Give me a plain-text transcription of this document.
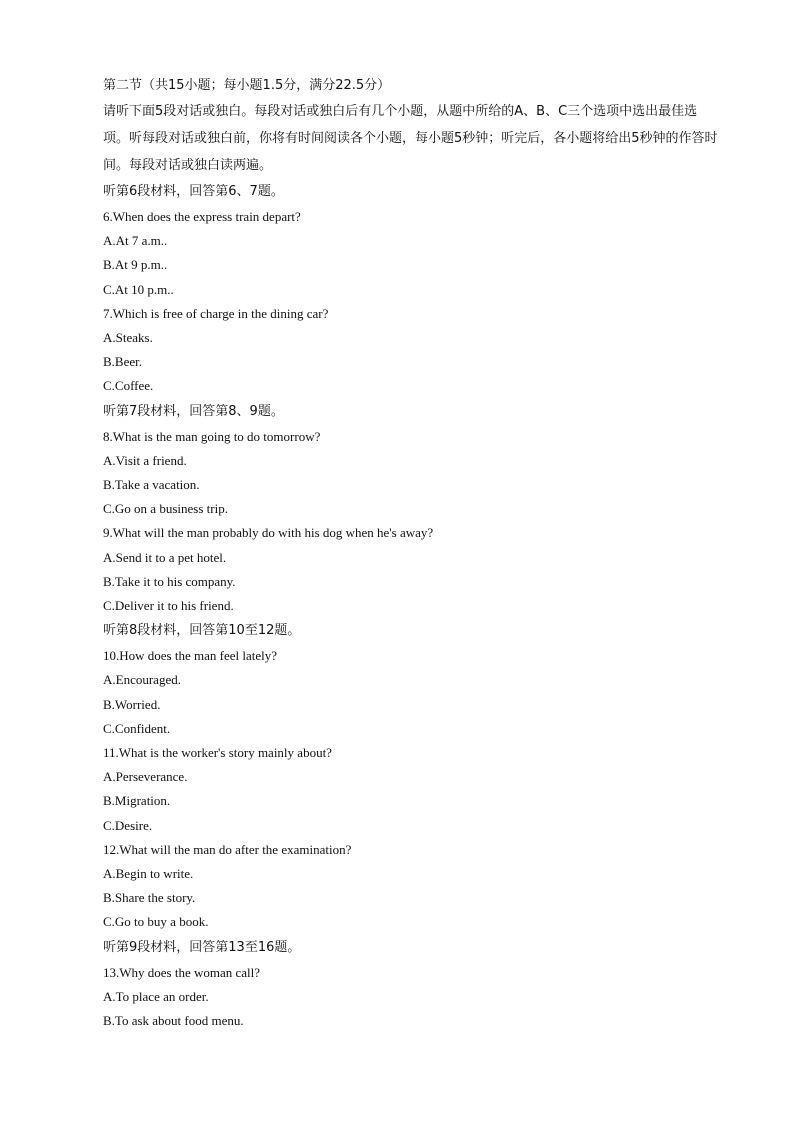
第二节（共15小题；每小题1.5分，满分22.5分）
请听下面5段对话或独白。每段对话或独白后有几个小题，从题中所给的A、B、C三个选项中选出最佳选项。听每段对话或独白前，你将有时间阅读各个小题，每小题5秒钟；听完后，各小题将给出5秒钟的作答时间。每段对话或独白读两遍。
听第6段材料，回答第6、7题。
6.When does the express train depart?
A.At 7 a.m..
B.At 9 p.m..
C.At 10 p.m..
7.Which is free of charge in the dining car?
A.Steaks.
B.Beer.
C.Coffee.
听第7段材料，回答第8、9题。
8.What is the man going to do tomorrow?
A.Visit a friend.
B.Take a vacation.
C.Go on a business trip.
9.What will the man probably do with his dog when he's away?
A.Send it to a pet hotel.
B.Take it to his company.
C.Deliver it to his friend.
听第8段材料，回答第10至12题。
10.How does the man feel lately?
A.Encouraged.
B.Worried.
C.Confident.
11.What is the worker's story mainly about?
A.Perseverance.
B.Migration.
C.Desire.
12.What will the man do after the examination?
A.Begin to write.
B.Share the story.
C.Go to buy a book.
听第9段材料，回答第13至16题。
13.Why does the woman call?
A.To place an order.
B.To ask about food menu.
